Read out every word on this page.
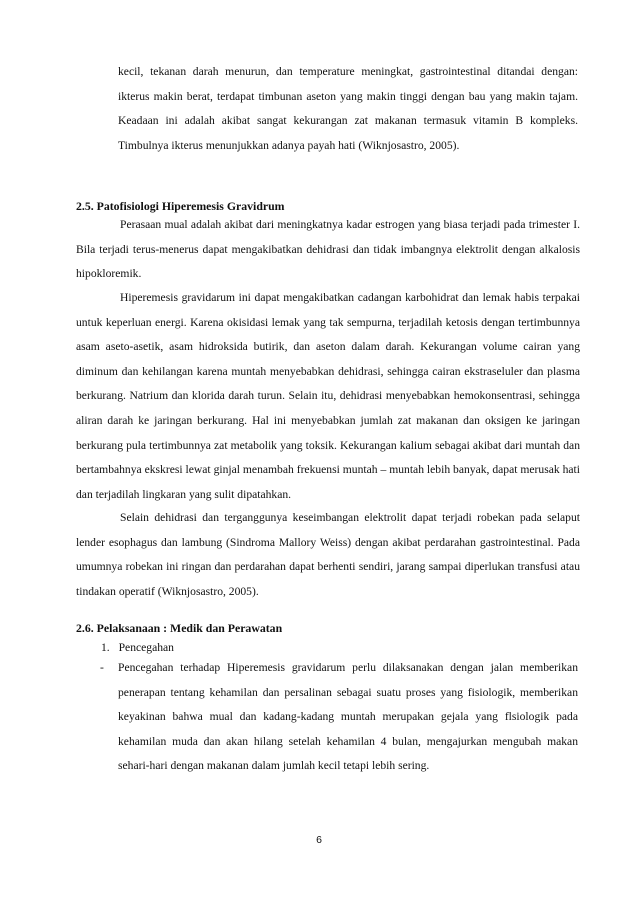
kecil, tekanan darah menurun, dan temperature meningkat, gastrointestinal ditandai dengan: ikterus makin berat, terdapat timbunan aseton yang makin tinggi dengan bau yang makin tajam. Keadaan ini adalah akibat sangat kekurangan zat makanan termasuk vitamin B kompleks. Timbulnya ikterus menunjukkan adanya payah hati (Wiknjosastro, 2005).

2.5. Patofisiologi Hiperemesis Gravidrum

Perasaan mual adalah akibat dari meningkatnya kadar estrogen yang biasa terjadi pada trimester I. Bila terjadi terus-menerus dapat mengakibatkan dehidrasi dan tidak imbangnya elektrolit dengan alkalosis hipokloremik.

Hiperemesis gravidarum ini dapat mengakibatkan cadangan karbohidrat dan lemak habis terpakai untuk keperluan energi. Karena okisidasi lemak yang tak sempurna, terjadilah ketosis dengan tertimbunnya asam aseto-asetik, asam hidroksida butirik, dan aseton dalam darah. Kekurangan volume cairan yang diminum dan kehilangan karena muntah menyebabkan dehidrasi, sehingga cairan ekstraseluler dan plasma berkurang. Natrium dan klorida darah turun. Selain itu, dehidrasi menyebabkan hemokonsentrasi, sehingga aliran darah ke jaringan berkurang. Hal ini menyebabkan jumlah zat makanan dan oksigen ke jaringan berkurang pula tertimbunnya zat metabolik yang toksik. Kekurangan kalium sebagai akibat dari muntah dan bertambahnya ekskresi lewat ginjal menambah frekuensi muntah – muntah lebih banyak, dapat merusak hati dan terjadilah lingkaran yang sulit dipatahkan.

Selain dehidrasi dan terganggunya keseimbangan elektrolit dapat terjadi robekan pada selaput lender esophagus dan lambung (Sindroma Mallory Weiss) dengan akibat perdarahan gastrointestinal. Pada umumnya robekan ini ringan dan perdarahan dapat berhenti sendiri, jarang sampai diperlukan transfusi atau tindakan operatif (Wiknjosastro, 2005).

2.6. Pelaksanaan : Medik dan Perawatan

1. Pencegahan

- Pencegahan terhadap Hiperemesis gravidarum perlu dilaksanakan dengan jalan memberikan penerapan tentang kehamilan dan persalinan sebagai suatu proses yang fisiologik, memberikan keyakinan bahwa mual dan kadang-kadang muntah merupakan gejala yang flsiologik pada kehamilan muda dan akan hilang setelah kehamilan 4 bulan, mengajurkan mengubah makan sehari-hari dengan makanan dalam jumlah kecil tetapi lebih sering.

6
